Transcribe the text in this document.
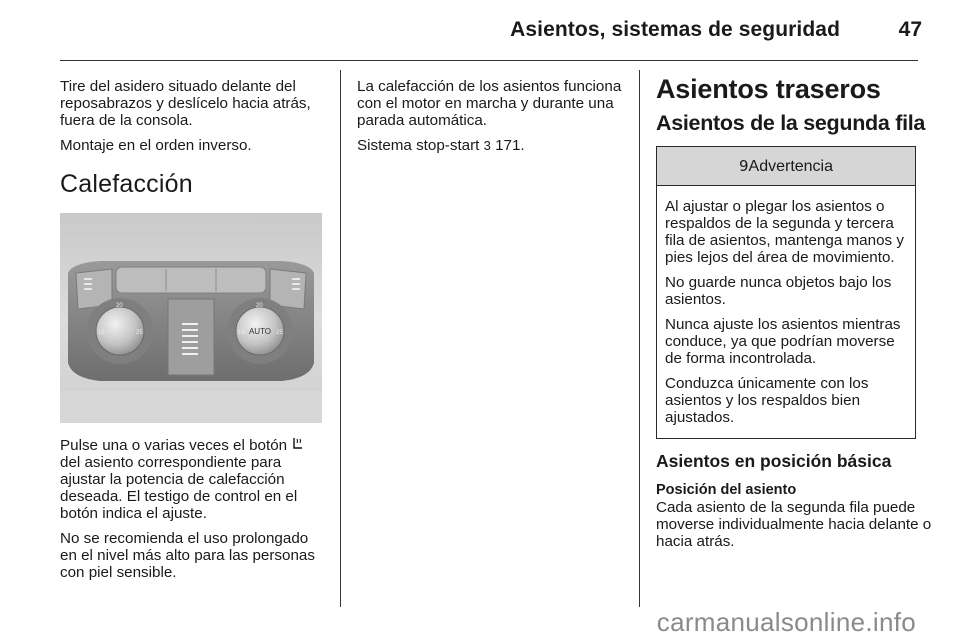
Asientos, sistemas de seguridad	47

Tire del asidero situado delante del reposabrazos y deslícelo hacia atrás, fuera de la consola.

Montaje en el orden inverso.

Calefacción
AUTO
15
20
25	15
20
25

Pulse una o varias veces el botón  del asiento correspondiente para ajustar la potencia de calefacción deseada. El testigo de control en el botón indica el ajuste.

No se recomienda el uso prolongado en el nivel más alto para las personas con piel sensible.

La calefacción de los asientos funciona con el motor en marcha y durante una parada automática.

Sistema stop-start 3 171.

Asientos traseros
Asientos de la segunda fila
9 Advertencia

Al ajustar o plegar los asientos o respaldos de la segunda y tercera fila de asientos, mantenga manos y pies lejos del área de movimiento.

No guarde nunca objetos bajo los asientos.

Nunca ajuste los asientos mientras conduce, ya que podrían moverse de forma incontrolada.

Conduzca únicamente con los asientos y los respaldos bien ajustados.

Asientos en posición básica
Posición del asiento

Cada asiento de la segunda fila puede moverse individualmente hacia delante o hacia atrás.

carmanualsonline.info
